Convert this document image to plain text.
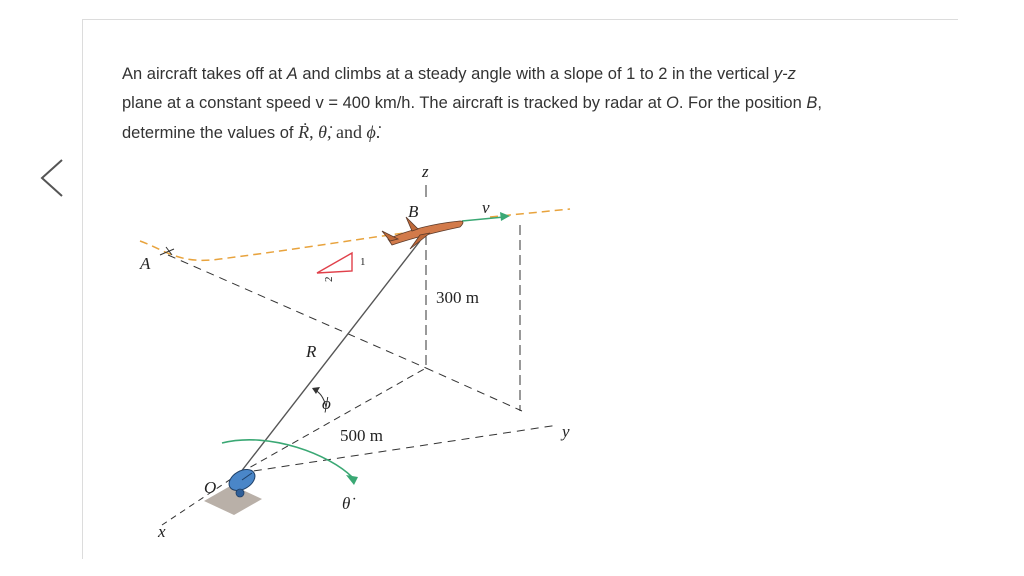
An aircraft takes off at A and climbs at a steady angle with a slope of 1 to 2 in the vertical y-z

plane at a constant speed v = 400 km/h. The aircraft is tracked by radar at O. For the position B,

determine the values of Ṙ, θ̇, and ϕ̇.

z
B	v
A	1
2
300 m
R
ϕ
500 m
O
θ̇
y
x
